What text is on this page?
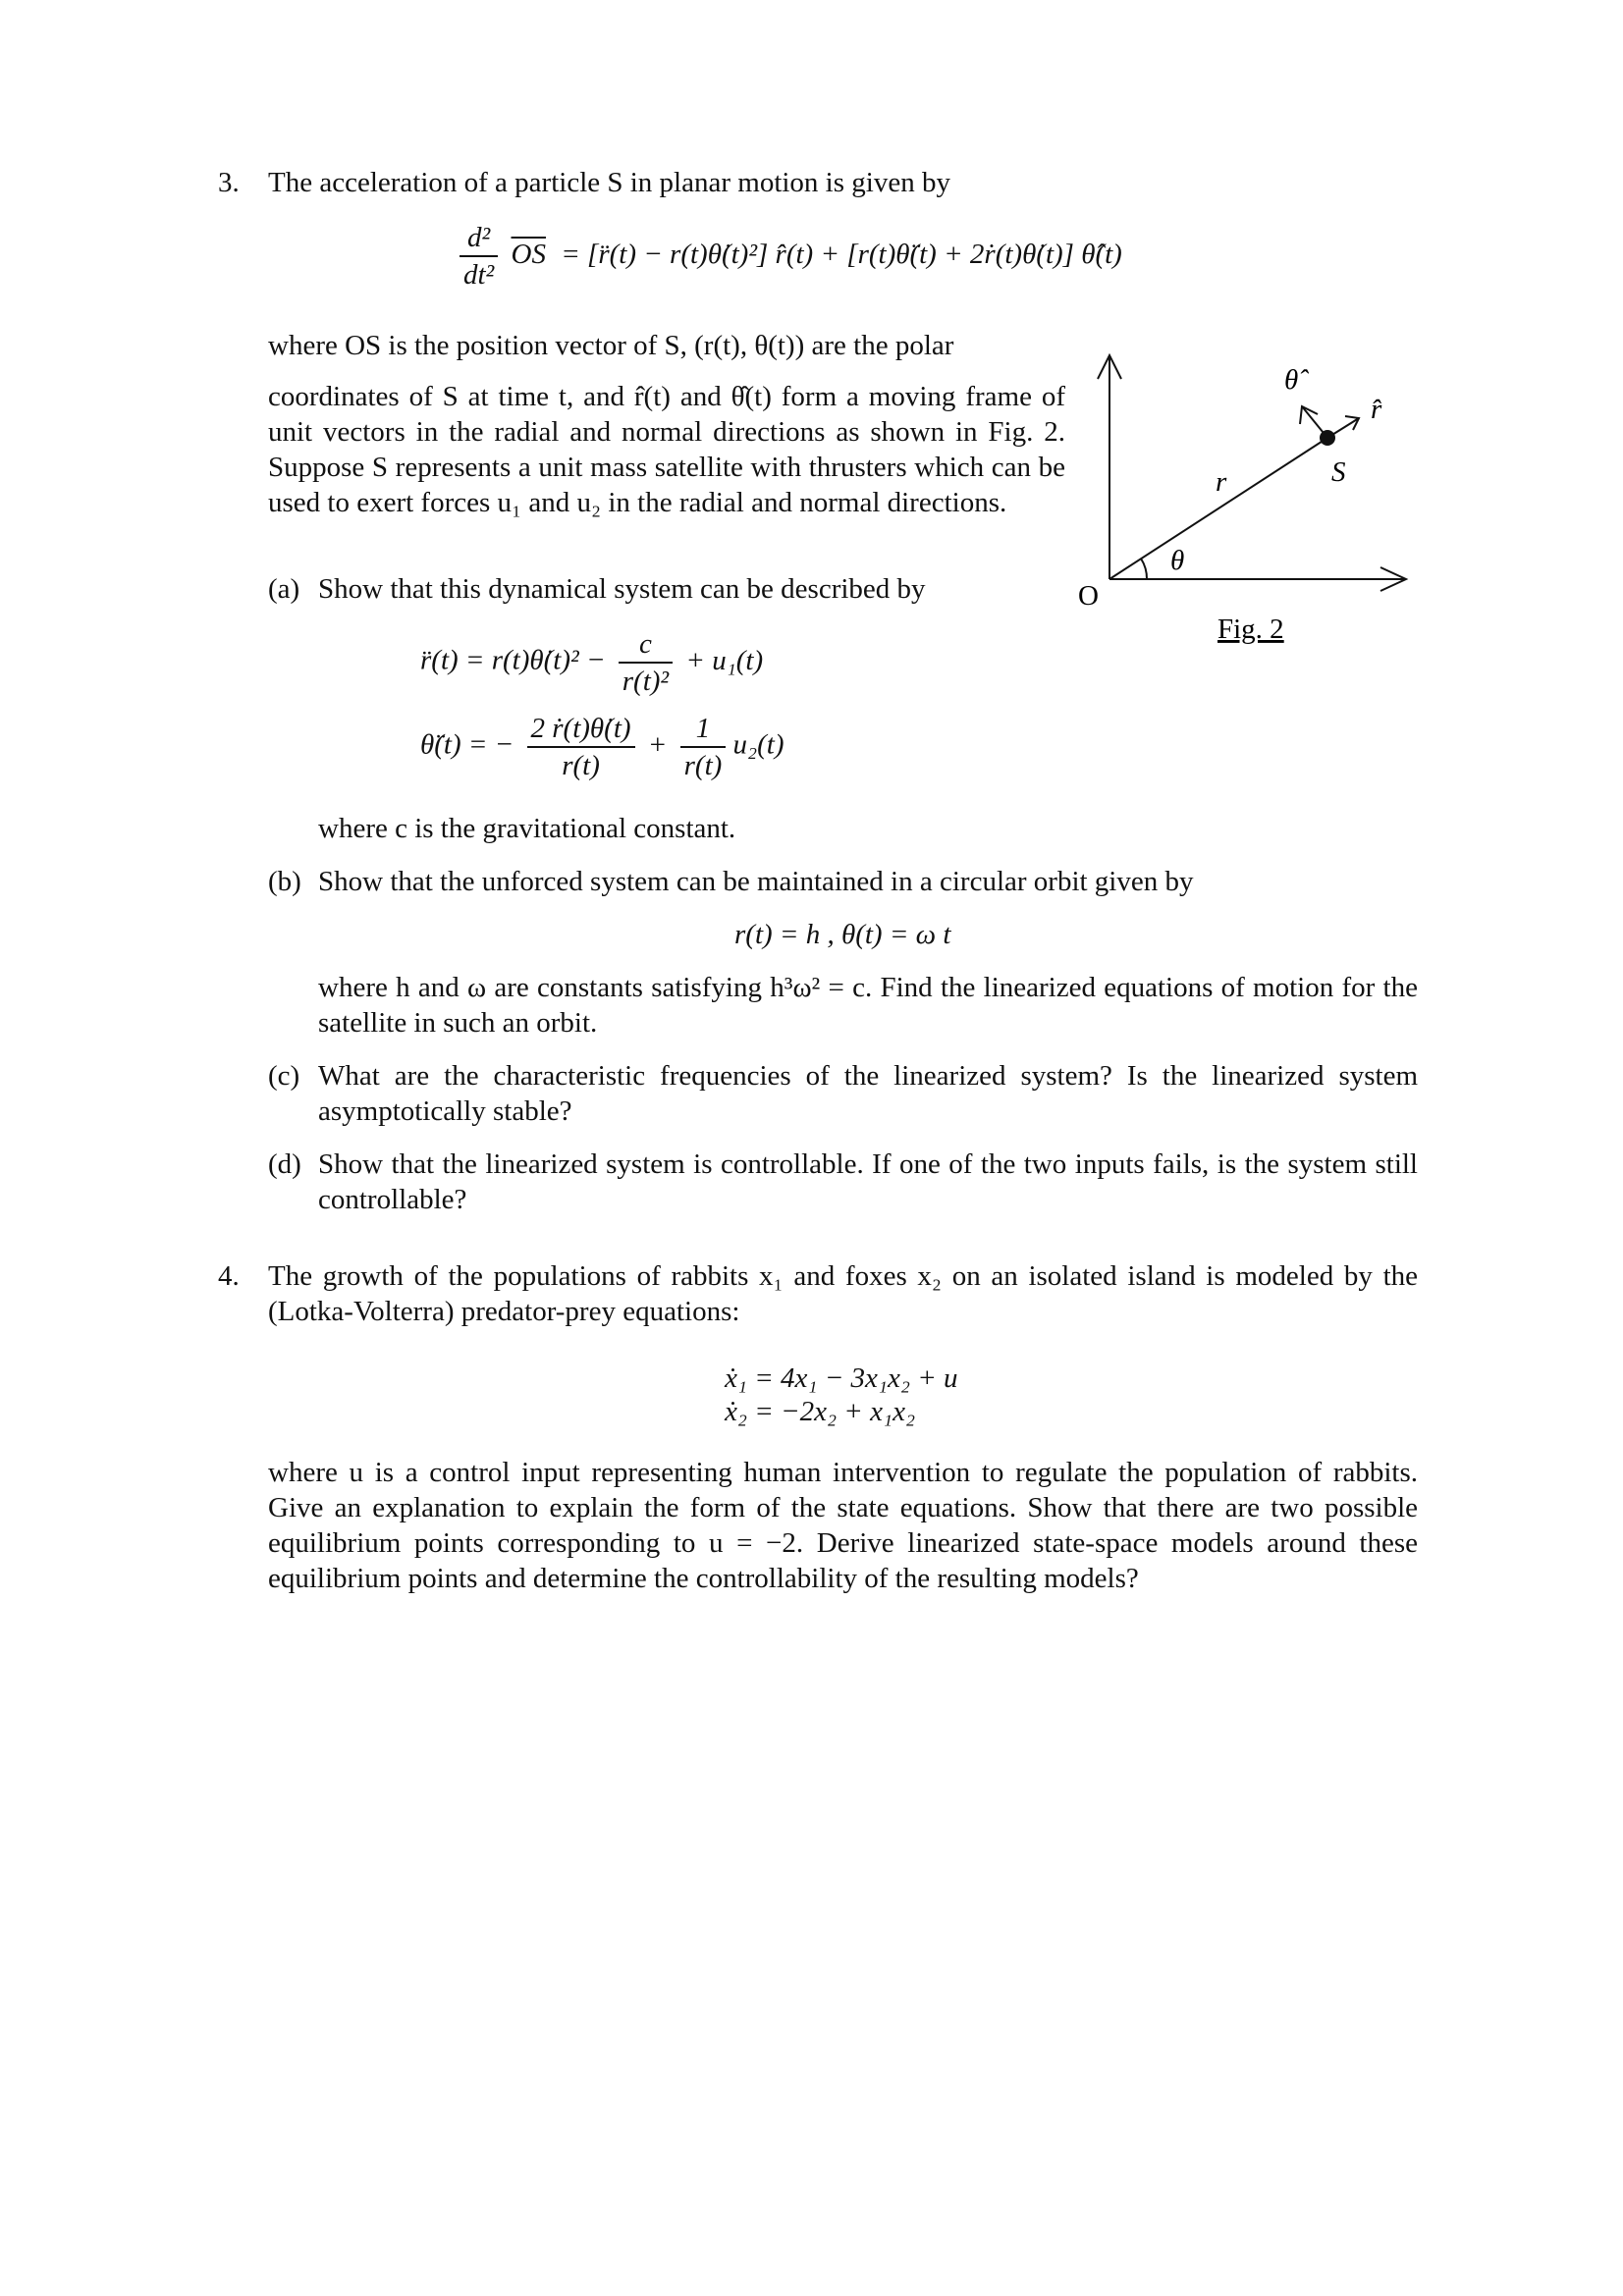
3. The acceleration of a particle S in planar motion is given by
$\frac{\text{d²}}{\text{dt²}} \overline{OS}$ = [r̈(t) − r(t)θ̇(t)²] r̂(t) + [r(t)θ̈(t) + 2ṙ(t)θ̇(t)] θ̂(t)
where OS is the position vector of S, (r(t), θ(t)) are the polar
coordinates of S at time t, and r̂(t) and θ̂(t) form a moving frame of unit vectors in the radial and normal directions as shown in Fig. 2. Suppose S represents a unit mass satellite with thrusters which can be used to exert forces u₁ and u₂ in the radial and normal directions.
(a) Show that this dynamical system can be described by
r̈(t) = r(t)θ̇(t)² − $\frac{c}{\text{r(t)²}} + u_1(t)$
θ̈(t) = − $\frac{\text{2 ṙ(t)θ̇(t)}}{r(t)} + \frac{1}{r(t)} u_2(t)$
where c is the gravitational constant.
(b) Show that the unforced system can be maintained in a circular orbit given by
r(t) = h , θ(t) = ω t
where h and ω are constants satisfying h³ω² = c. Find the linearized equations of motion for the satellite in such an orbit.
(c) What are the characteristic frequencies of the linearized system? Is the linearized system asymptotically stable?
(d) Show that the linearized system is controllable. If one of the two inputs fails, is the system still controllable?
θ̂
r̂
S
r
θ
O
Fig. 2
4. The growth of the populations of rabbits x₁ and foxes x₂ on an isolated island is modeled by the (Lotka-Volterra) predator-prey equations:
ẋ₁ = 4x₁ − 3x₁x₂ + u
ẋ₂ = −2x₂ + x₁x₂
where u is a control input representing human intervention to regulate the population of rabbits. Give an explanation to explain the form of the state equations. Show that there are two possible equilibrium points corresponding to u = −2. Derive linearized state-space models around these equilibrium points and determine the controllability of the resulting models?
